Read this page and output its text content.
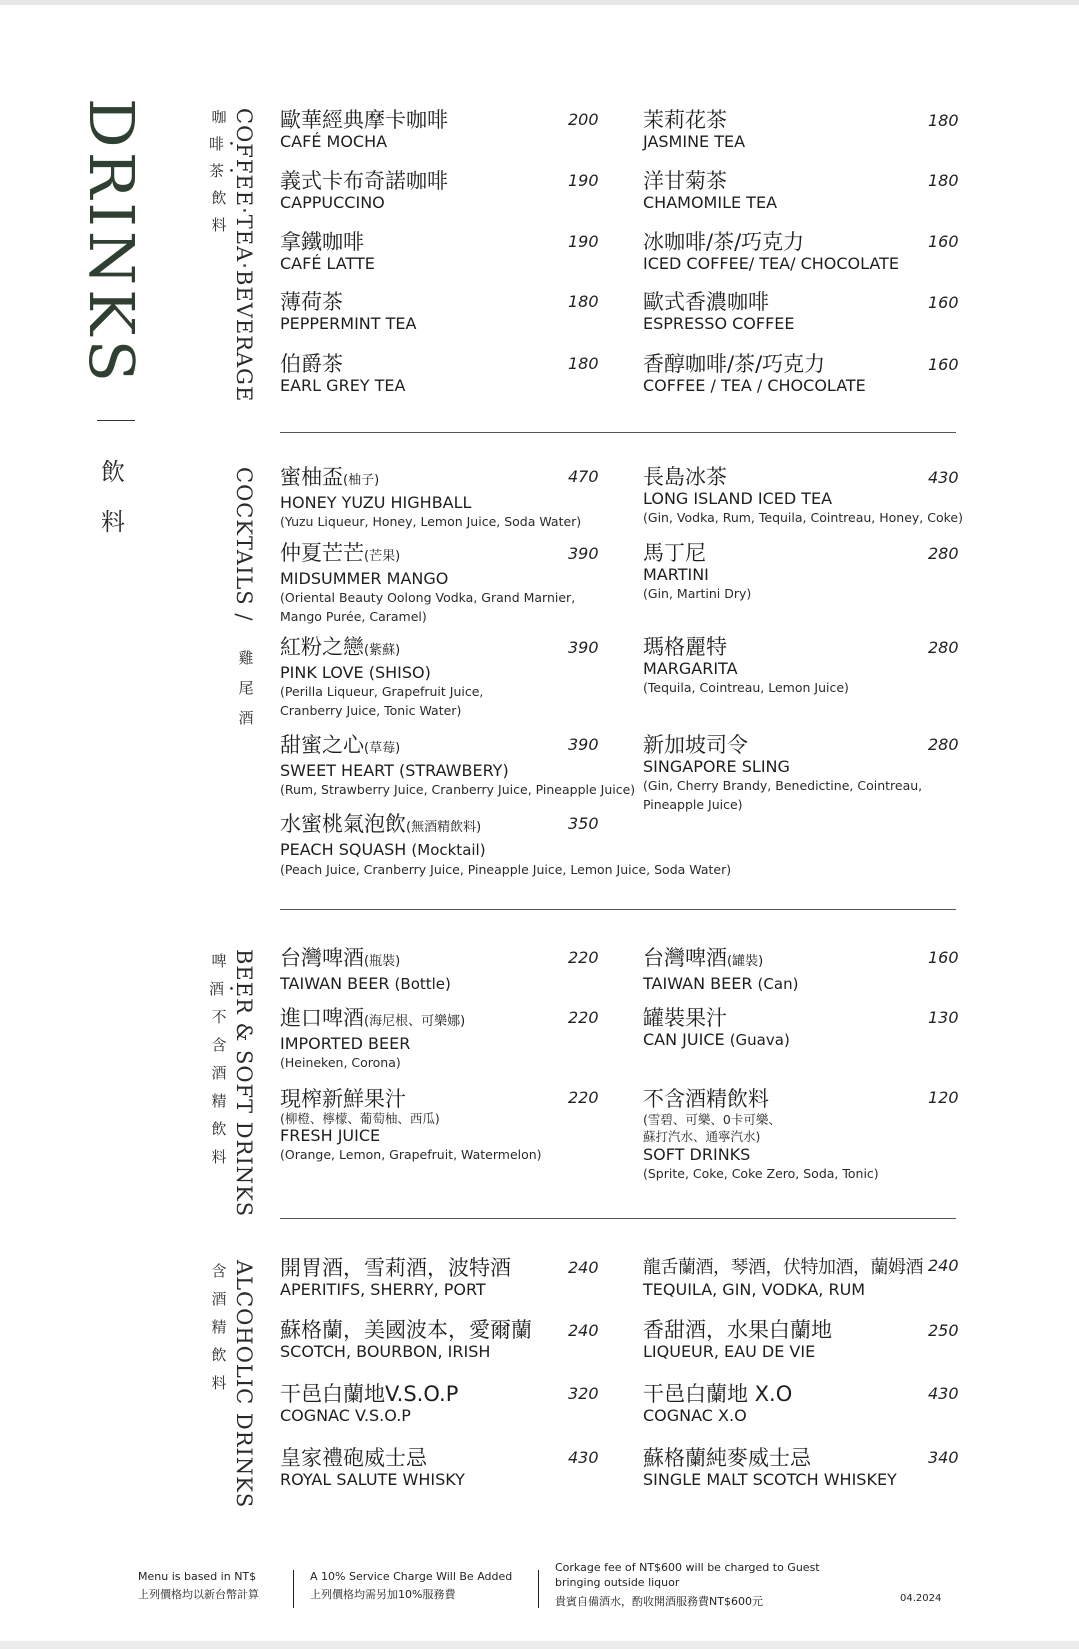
DRINKS
飲料
咖啡・茶・飲料 COFFEE‧TEA‧BEVERAGE 歐華經典摩卡咖啡
CAFÉ MOCHA
200
義式卡布奇諾咖啡
CAPPUCCINO
190
拿鐵咖啡
CAFÉ LATTE
190
薄荷茶
PEPPERMINT TEA
180
伯爵茶
EARL GREY TEA
180
茉莉花茶
JASMINE TEA
180
洋甘菊茶
CHAMOMILE TEA
180
冰咖啡/茶/巧克力
ICED COFFEE/ TEA/ CHOCOLATE
160
歐式香濃咖啡
ESPRESSO COFFEE
160
香醇咖啡/茶/巧克力
COFFEE / TEA / CHOCOLATE
160
COCKTAILS /
雞尾酒
蜜柚盃(柚子)
HONEY YUZU HIGHBALL
(Yuzu Liqueur, Honey, Lemon Juice, Soda Water)
470
仲夏芒芒(芒果)
MIDSUMMER MANGO
(Oriental Beauty Oolong Vodka, Grand Marnier,
Mango Purée, Caramel)
390
紅粉之戀(紫蘇)
PINK LOVE (SHISO)
(Perilla Liqueur, Grapefruit Juice,
Cranberry Juice, Tonic Water)
390
甜蜜之心(草莓)
SWEET HEART (STRAWBERY)
(Rum, Strawberry Juice, Cranberry Juice, Pineapple Juice)
390
水蜜桃氣泡飲(無酒精飲料)
PEACH SQUASH (Mocktail)
(Peach Juice, Cranberry Juice, Pineapple Juice, Lemon Juice, Soda Water)
350
長島冰茶
LONG ISLAND ICED TEA
(Gin, Vodka, Rum, Tequila, Cointreau, Honey, Coke)
430
馬丁尼
MARTINI
(Gin, Martini Dry)
280
瑪格麗特
MARGARITA
(Tequila, Cointreau, Lemon Juice)
280
新加坡司令
SINGAPORE SLING
(Gin, Cherry Brandy, Benedictine, Cointreau,
Pineapple Juice)
280
啤酒・不含酒精飲料 BEER & SOFT DRINKS 台灣啤酒(瓶裝)
TAIWAN BEER (Bottle)
220
進口啤酒(海尼根、可樂娜)
IMPORTED BEER
(Heineken, Corona)
220
現榨新鮮果汁
(柳橙、檸檬、葡萄柚、西瓜)
FRESH JUICE
(Orange, Lemon, Grapefruit, Watermelon)
220
台灣啤酒(罐裝)
TAIWAN BEER (Can)
160
罐裝果汁
CAN JUICE (Guava)
130
不含酒精飲料
(雪碧、可樂、0卡可樂、
蘇打汽水、通寧汽水)
SOFT DRINKS
(Sprite, Coke, Coke Zero, Soda, Tonic)
120
含酒精飲料 ALCOHOLIC DRINKS 開胃酒，雪莉酒，波特酒
APERITIFS, SHERRY, PORT
240
蘇格蘭，美國波本，愛爾蘭
SCOTCH, BOURBON, IRISH
240
干邑白蘭地V.S.O.P
COGNAC V.S.O.P
320
皇家禮砲威士忌
ROYAL SALUTE WHISKY
430
龍舌蘭酒，琴酒，伏特加酒，蘭姆酒
TEQUILA, GIN, VODKA, RUM
240
香甜酒，水果白蘭地
LIQUEUR, EAU DE VIE
250
干邑白蘭地 X.O
COGNAC X.O
430
蘇格蘭純麥威士忌
SINGLE MALT SCOTCH WHISKEY
340
Menu is based in NT$
上列價格均以新台幣計算
A 10% Service Charge Will Be Added
上列價格均需另加10%服務費
Corkage fee of NT$600 will be charged to Guest
bringing outside liquor
貴賓自備酒水，酌收開酒服務費NT$600元	04.2024
